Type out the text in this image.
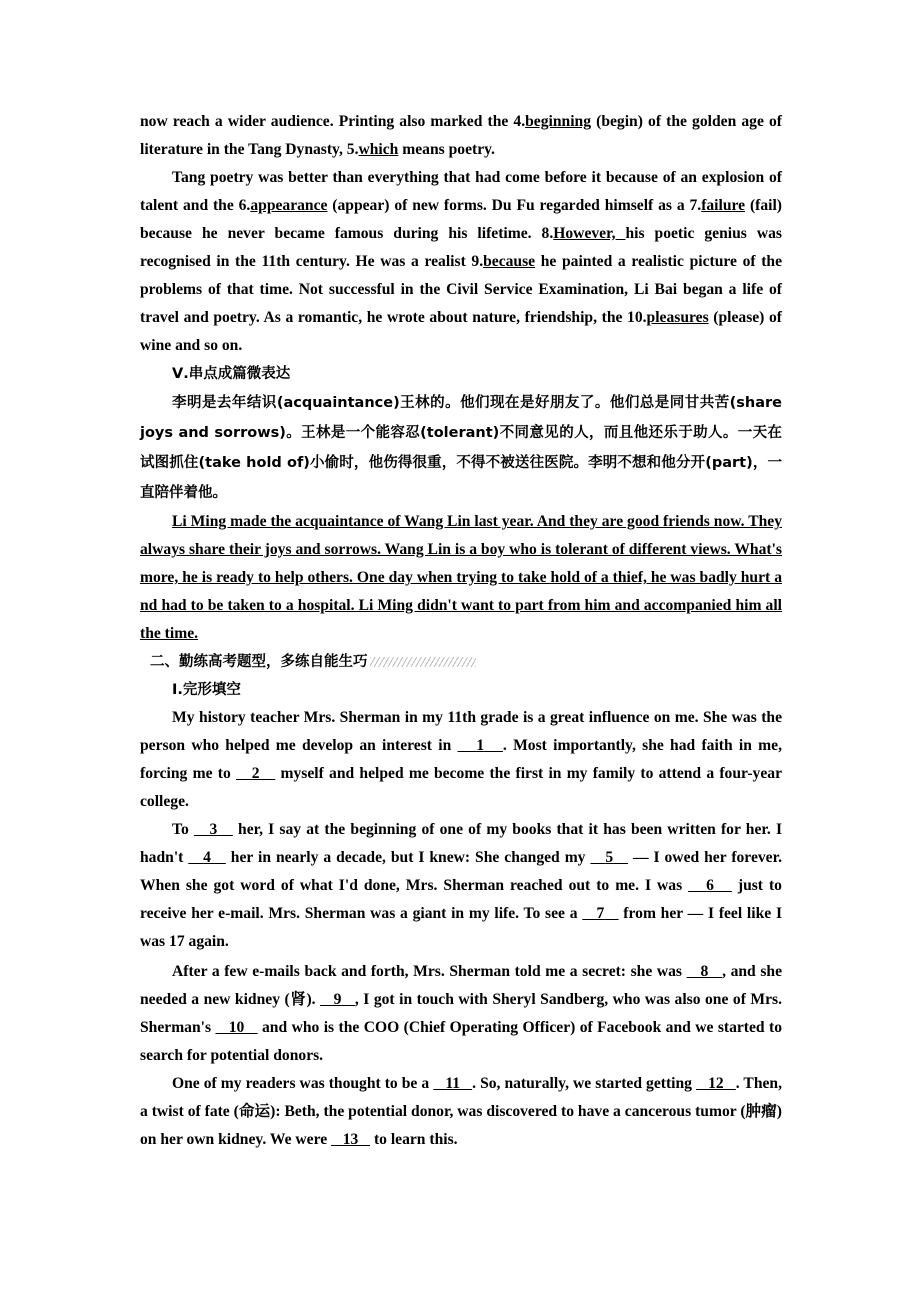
now reach a wider audience. Printing also marked the 4.beginning (begin) of the golden age of literature in the Tang Dynasty, 5.which means poetry.

Tang poetry was better than everything that had come before it because of an explosion of talent and the 6.appearance (appear) of new forms. Du Fu regarded himself as a 7.failure (fail) because he never became famous during his lifetime. 8.However, his poetic genius was recognised in the 11th century. He was a realist 9.because he painted a realistic picture of the problems of that time. Not successful in the Civil Service Examination, Li Bai began a life of travel and poetry. As a romantic, he wrote about nature, friendship, the 10.pleasures (please) of wine and so on.

Ⅴ.串点成篇微表达

李明是去年结识(acquaintance)王林的。他们现在是好朋友了。他们总是同甘共苦(share joys and sorrows)。王林是一个能容忍(tolerant)不同意见的人，而且他还乐于助人。一天在试图抓住(take hold of)小偷时，他伤得很重，不得不被送往医院。李明不想和他分开(part)，一直陪伴着他。

Li Ming made the acquaintance of Wang Lin last year. And they are good friends now. They always share their joys and sorrows. Wang Lin is a boy who is tolerant of different views. What's more, he is ready to help others. One day when trying to take hold of a thief, he was badly hurt and had to be taken to a hospital. Li Ming didn't want to part from him and accompanied him all the time.

二、勤练高考题型，多练自能生巧

Ⅰ.完形填空

My history teacher Mrs. Sherman in my 11th grade is a great influence on me. She was the person who helped me develop an interest in    1 . Most importantly, she had faith in me, forcing me to    2    myself and helped me become the first in my family to attend a four-year college.

To    3    her, I say at the beginning of one of my books that it has been written for her. I hadn't    4    her in nearly a decade, but I knew: She changed my    5    — I owed her forever. When she got word of what I'd done, Mrs. Sherman reached out to me. I was    6    just to receive her e-mail. Mrs. Sherman was a giant in my life. To see a    7    from her — I feel like I was 17 again.

After a few e-mails back and forth, Mrs. Sherman told me a secret: she was    8 , and she needed a new kidney (肾).    9 , I got in touch with Sheryl Sandberg, who was also one of Mrs. Sherman's    10    and who is the COO (Chief Operating Officer) of Facebook and we started to search for potential donors.

One of my readers was thought to be a    11 . So, naturally, we started getting    12 . Then, a twist of fate (命运): Beth, the potential donor, was discovered to have a cancerous tumor (肿瘤) on her own kidney. We were    13    to learn this.
